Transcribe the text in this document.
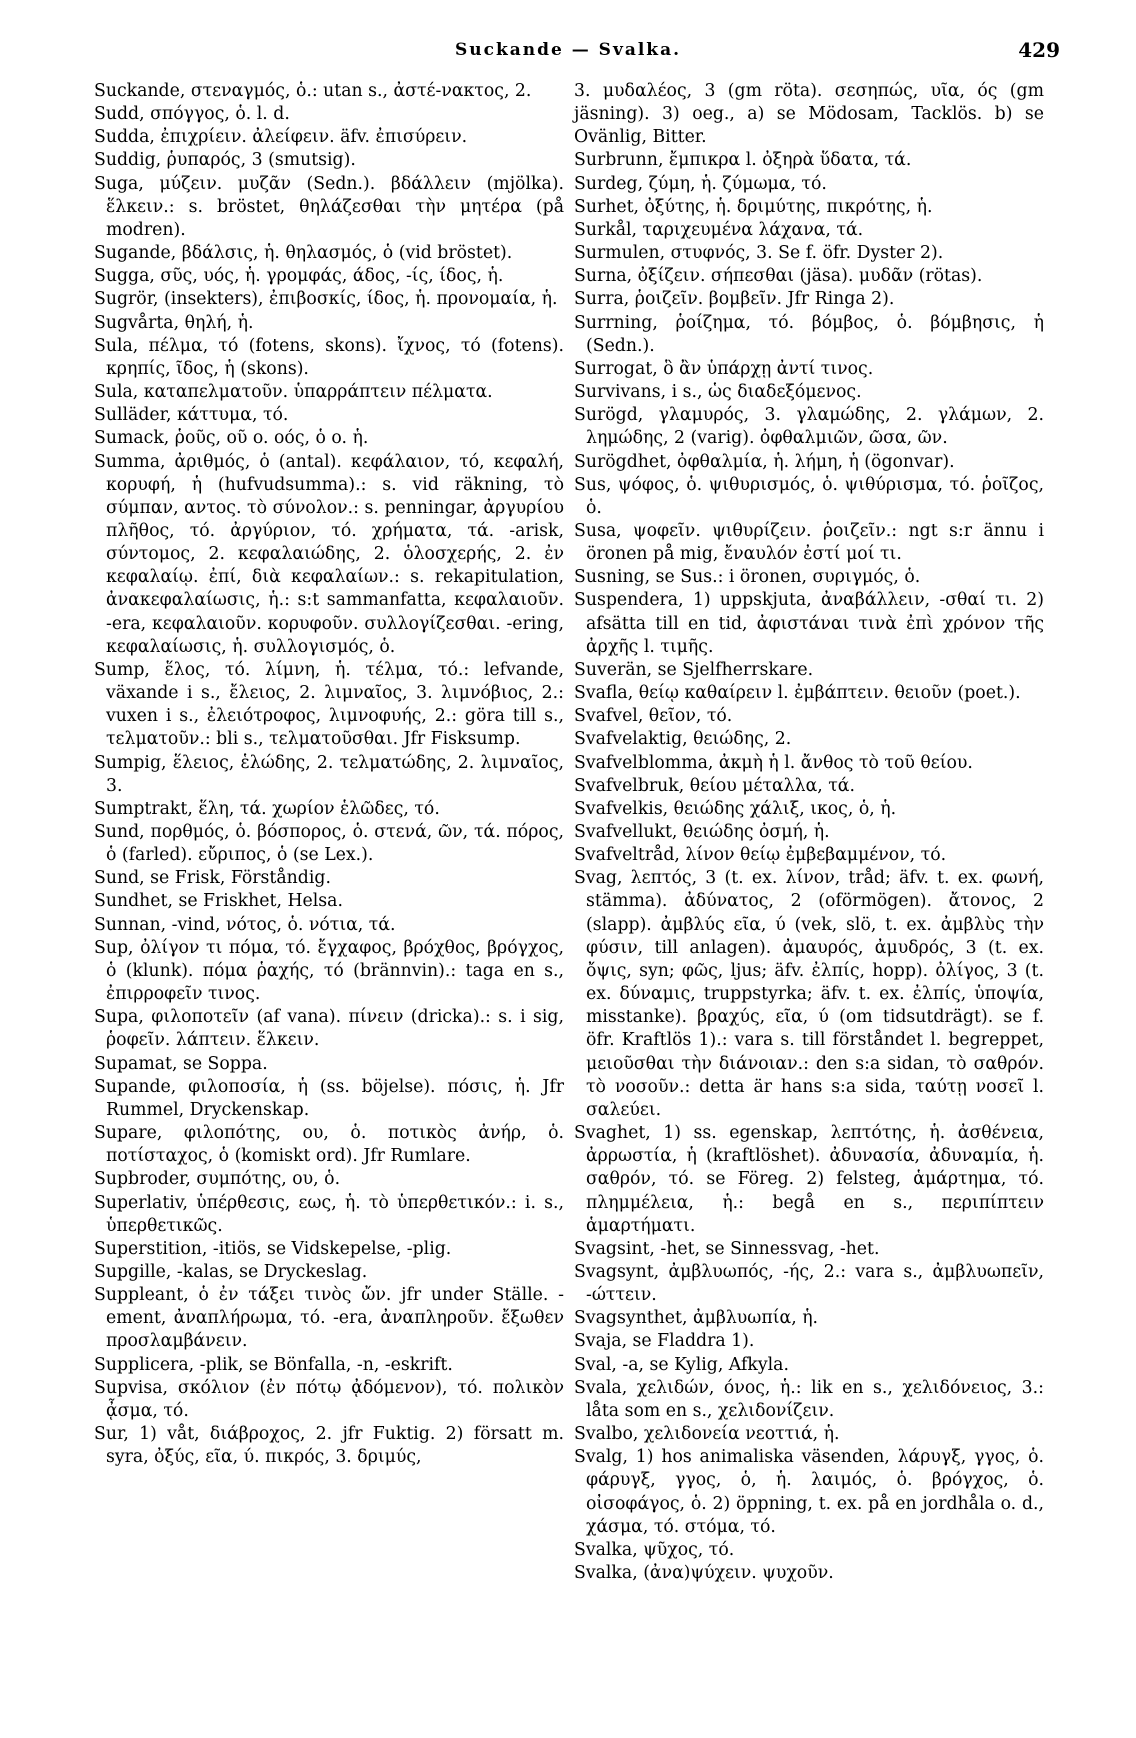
Suckande — Svalka.	429

Suckande, στεναγμός, ὁ.: utan s., ἀστέ-νακτος, 2.

Sudd, σπόγγος, ὁ. l. d.

Sudda, ἐπιχρίειν. ἀλείφειν. äfv. ἐπισύρειν.

Suddig, ῥυπαρός, 3 (smutsig).

Suga, μύζειν. μυζᾶν (Sedn.). βδάλλειν (mjölka). ἕλκειν.: s. bröstet, θηλάζεσθαι τὴν μητέρα (på modren).

Sugande, βδάλσις, ἡ. θηλασμός, ὁ (vid bröstet).

Sugga, σῦς, υός, ἡ. γρομφάς, άδος, -ίς, ίδος, ἡ.

Sugrör, (insekters), ἐπιβοσκίς, ίδος, ἡ. προνομαία, ἡ.

Sugvårta, θηλή, ἡ.

Sula, πέλμα, τό (fotens, skons). ἴχνος, τό (fotens). κρηπίς, ῖδος, ἡ (skons).

Sula, καταπελματοῦν. ὑπαρράπτειν πέλματα.

Sulläder, κάττυμα, τό.

Sumack, ῥοῦς, οῦ o. οός, ὁ o. ἡ.

Summa, ἀριθμός, ὁ (antal). κεφάλαιον, τό, κεφαλή, κορυφή, ἡ (hufvudsumma).: s. vid räkning, τὸ σύμπαν, αντος. τὸ σύνολον.: s. penningar, ἀργυρίου πλῆθος, τό. ἀργύριον, τό. χρήματα, τά. -arisk, σύντομος, 2. κεφαλαιώδης, 2. ὁλοσχερής, 2. ἐν κεφαλαίῳ. ἐπί, διὰ κεφαλαίων.: s. rekapitulation, ἀνακεφαλαίωσις, ἡ.: s:t sammanfatta, κεφαλαιοῦν. -era, κεφαλαιοῦν. κορυφοῦν. συλλογίζεσθαι. -ering, κεφαλαίωσις, ἡ. συλλογισμός, ὁ.

Sump, ἕλος, τό. λίμνη, ἡ. τέλμα, τό.: lefvande, växande i s., ἔλειος, 2. λιμναῖος, 3. λιμνόβιος, 2.: vuxen i s., ἐλειότροφος, λιμνοφυής, 2.: göra till s., τελματοῦν.: bli s., τελματοῦσθαι. Jfr Fisksump.

Sumpig, ἕλειος, ἑλώδης, 2. τελματώδης, 2. λιμναῖος, 3.

Sumptrakt, ἕλη, τά. χωρίον ἑλῶδες, τό.

Sund, πορθμός, ὁ. βόσπορος, ὁ. στενά, ῶν, τά. πόρος, ὁ (farled). εὔριπος, ὁ (se Lex.).

Sund, se Frisk, Förståndig.

Sundhet, se Friskhet, Helsa.

Sunnan, -vind, νότος, ὁ. νότια, τά.

Sup, ὀλίγον τι πόμα, τό. ἔγχαφος, βρόχθος, βρόγχος, ὁ (klunk). πόμα ῥαχής, τό (brännvin).: taga en s., ἐπιρροφεῖν τινος.

Supa, φιλοποτεῖν (af vana). πίνειν (dricka).: s. i sig, ῥοφεῖν. λάπτειν. ἕλκειν.

Supamat, se Soppa.

Supande, φιλοποσία, ἡ (ss. böjelse). πόσις, ἡ. Jfr Rummel, Dryckenskap.

Supare, φιλοπότης, ου, ὁ. ποτικὸς ἀνήρ, ὁ. ποτίσταχος, ὁ (komiskt ord). Jfr Rumlare.

Supbroder, συμπότης, ου, ὁ.

Superlativ, ὑπέρθεσις, εως, ἡ. τὸ ὑπερθετικόν.: i. s., ὑπερθετικῶς.

Superstition, -itiös, se Vidskepelse, -plig.

Supgille, -kalas, se Dryckeslag.

Suppleant, ὁ ἐν τάξει τινὸς ὤν. jfr under Ställe. -ement, ἀναπλήρωμα, τό. -era, ἀναπληροῦν. ἔξωθεν προσλαμβάνειν.

Supplicera, -plik, se Bönfalla, -n, -eskrift.

Supvisa, σκόλιον (ἐν πότῳ ᾀδόμενον), τό. πολικὸν ᾆσμα, τό.

Sur, 1) våt, διάβροχος, 2. jfr Fuktig. 2) försatt m. syra, ὀξύς, εῖα, ύ. πικρός, 3. δριμύς,

3. μυδαλέος, 3 (gm röta). σεσηπώς, υῖα, ός (gm jäsning). 3) oeg., a) se Mödosam, Tacklös. b) se Ovänlig, Bitter.

Surbrunn, ἔμπικρα l. ὀξηρὰ ὕδατα, τά.

Surdeg, ζύμη, ἡ. ζύμωμα, τό.

Surhet, ὀξύτης, ἡ. δριμύτης, πικρότης, ἡ.

Surkål, ταριχευμένα λάχανα, τά.

Surmulen, στυφνός, 3. Se f. öfr. Dyster 2).

Surna, ὀξίζειν. σήπεσθαι (jäsa). μυδᾶν (rötas).

Surra, ῥοιζεῖν. βομβεῖν. Jfr Ringa 2).

Surrning, ῥοίζημα, τό. βόμβος, ὁ. βόμβησις, ἡ (Sedn.).

Surrogat, ὃ ἂν ὑπάρχῃ ἀντί τινος.

Survivans, i s., ὡς διαδεξόμενος.

Surögd, γλαμυρός, 3. γλαμώδης, 2. γλάμων, 2. λημώδης, 2 (varig). ὀφθαλμιῶν, ῶσα, ῶν.

Surögdhet, ὀφθαλμία, ἡ. λήμη, ἡ (ögonvar).

Sus, ψόφος, ὁ. ψιθυρισμός, ὁ. ψιθύρισμα, τό. ῥοῖζος, ὁ.

Susa, ψοφεῖν. ψιθυρίζειν. ῥοιζεῖν.: ngt s:r ännu i öronen på mig, ἔναυλόν ἐστί μοί τι.

Susning, se Sus.: i öronen, συριγμός, ὁ.

Suspendera, 1) uppskjuta, ἀναβάλλειν, -σθαί τι. 2) afsätta till en tid, ἀφιστάναι τινὰ ἐπὶ χρόνον τῆς ἀρχῆς l. τιμῆς.

Suverän, se Sjelfherrskare.

Svafla, θείῳ καθαίρειν l. ἐμβάπτειν. θειοῦν (poet.).

Svafvel, θεῖον, τό.

Svafvelaktig, θειώδης, 2.

Svafvelblomma, ἀκμὴ ἡ l. ἄνθος τὸ τοῦ θείου.

Svafvelbruk, θείου μέταλλα, τά.

Svafvelkis, θειώδης χάλιξ, ικος, ὁ, ἡ.

Svafvellukt, θειώδης ὀσμή, ἡ.

Svafveltråd, λίνον θείῳ ἐμβεβαμμένον, τό.

Svag, λεπτός, 3 (t. ex. λίνον, tråd; äfv. t. ex. φωνή, stämma). ἀδύνατος, 2 (oförmögen). ἄτονος, 2 (slapp). ἀμβλύς εῖα, ύ (vek, slö, t. ex. ἀμβλὺς τὴν φύσιν, till anlagen). ἀμαυρός, ἀμυδρός, 3 (t. ex. ὄψις, syn; φῶς, ljus; äfv. ἐλπίς, hopp). ὀλίγος, 3 (t. ex. δύναμις, truppstyrka; äfv. t. ex. ἐλπίς, ὑποψία, misstanke). βραχύς, εῖα, ύ (om tidsutdrägt). se f. öfr. Kraftlös 1).: vara s. till förståndet l. begreppet, μειοῦσθαι τὴν διάνοιαν.: den s:a sidan, τὸ σαθρόν. τὸ νοσοῦν.: detta är hans s:a sida, ταύτῃ νοσεῖ l. σαλεύει.

Svaghet, 1) ss. egenskap, λεπτότης, ἡ. ἀσθένεια, ἀρρωστία, ἡ (kraftlöshet). ἀδυνασία, ἀδυναμία, ἡ. σαθρόν, τό. se Föreg. 2) felsteg, ἁμάρτημα, τό. πλημμέλεια, ἡ.: begå en s., περιπίπτειν ἁμαρτήματι.

Svagsint, -het, se Sinnessvag, -het.

Svagsynt, ἀμβλυωπός, -ής, 2.: vara s., ἀμβλυωπεῖν, -ώττειν.

Svagsynthet, ἀμβλυωπία, ἡ.

Svaja, se Fladdra 1).

Sval, -a, se Kylig, Afkyla.

Svala, χελιδών, όνος, ἡ.: lik en s., χελιδόνειος, 3.: låta som en s., χελιδονίζειν.

Svalbo, χελιδονεία νεοττιά, ἡ.

Svalg, 1) hos animaliska väsenden, λάρυγξ, γγος, ὁ. φάρυγξ, γγος, ὁ, ἡ. λαιμός, ὁ. βρόγχος, ὁ. οἰσοφάγος, ὁ. 2) öppning, t. ex. på en jordhåla o. d., χάσμα, τό. στόμα, τό.

Svalka, ψῦχος, τό.

Svalka, (ἀνα)ψύχειν. ψυχοῦν.
